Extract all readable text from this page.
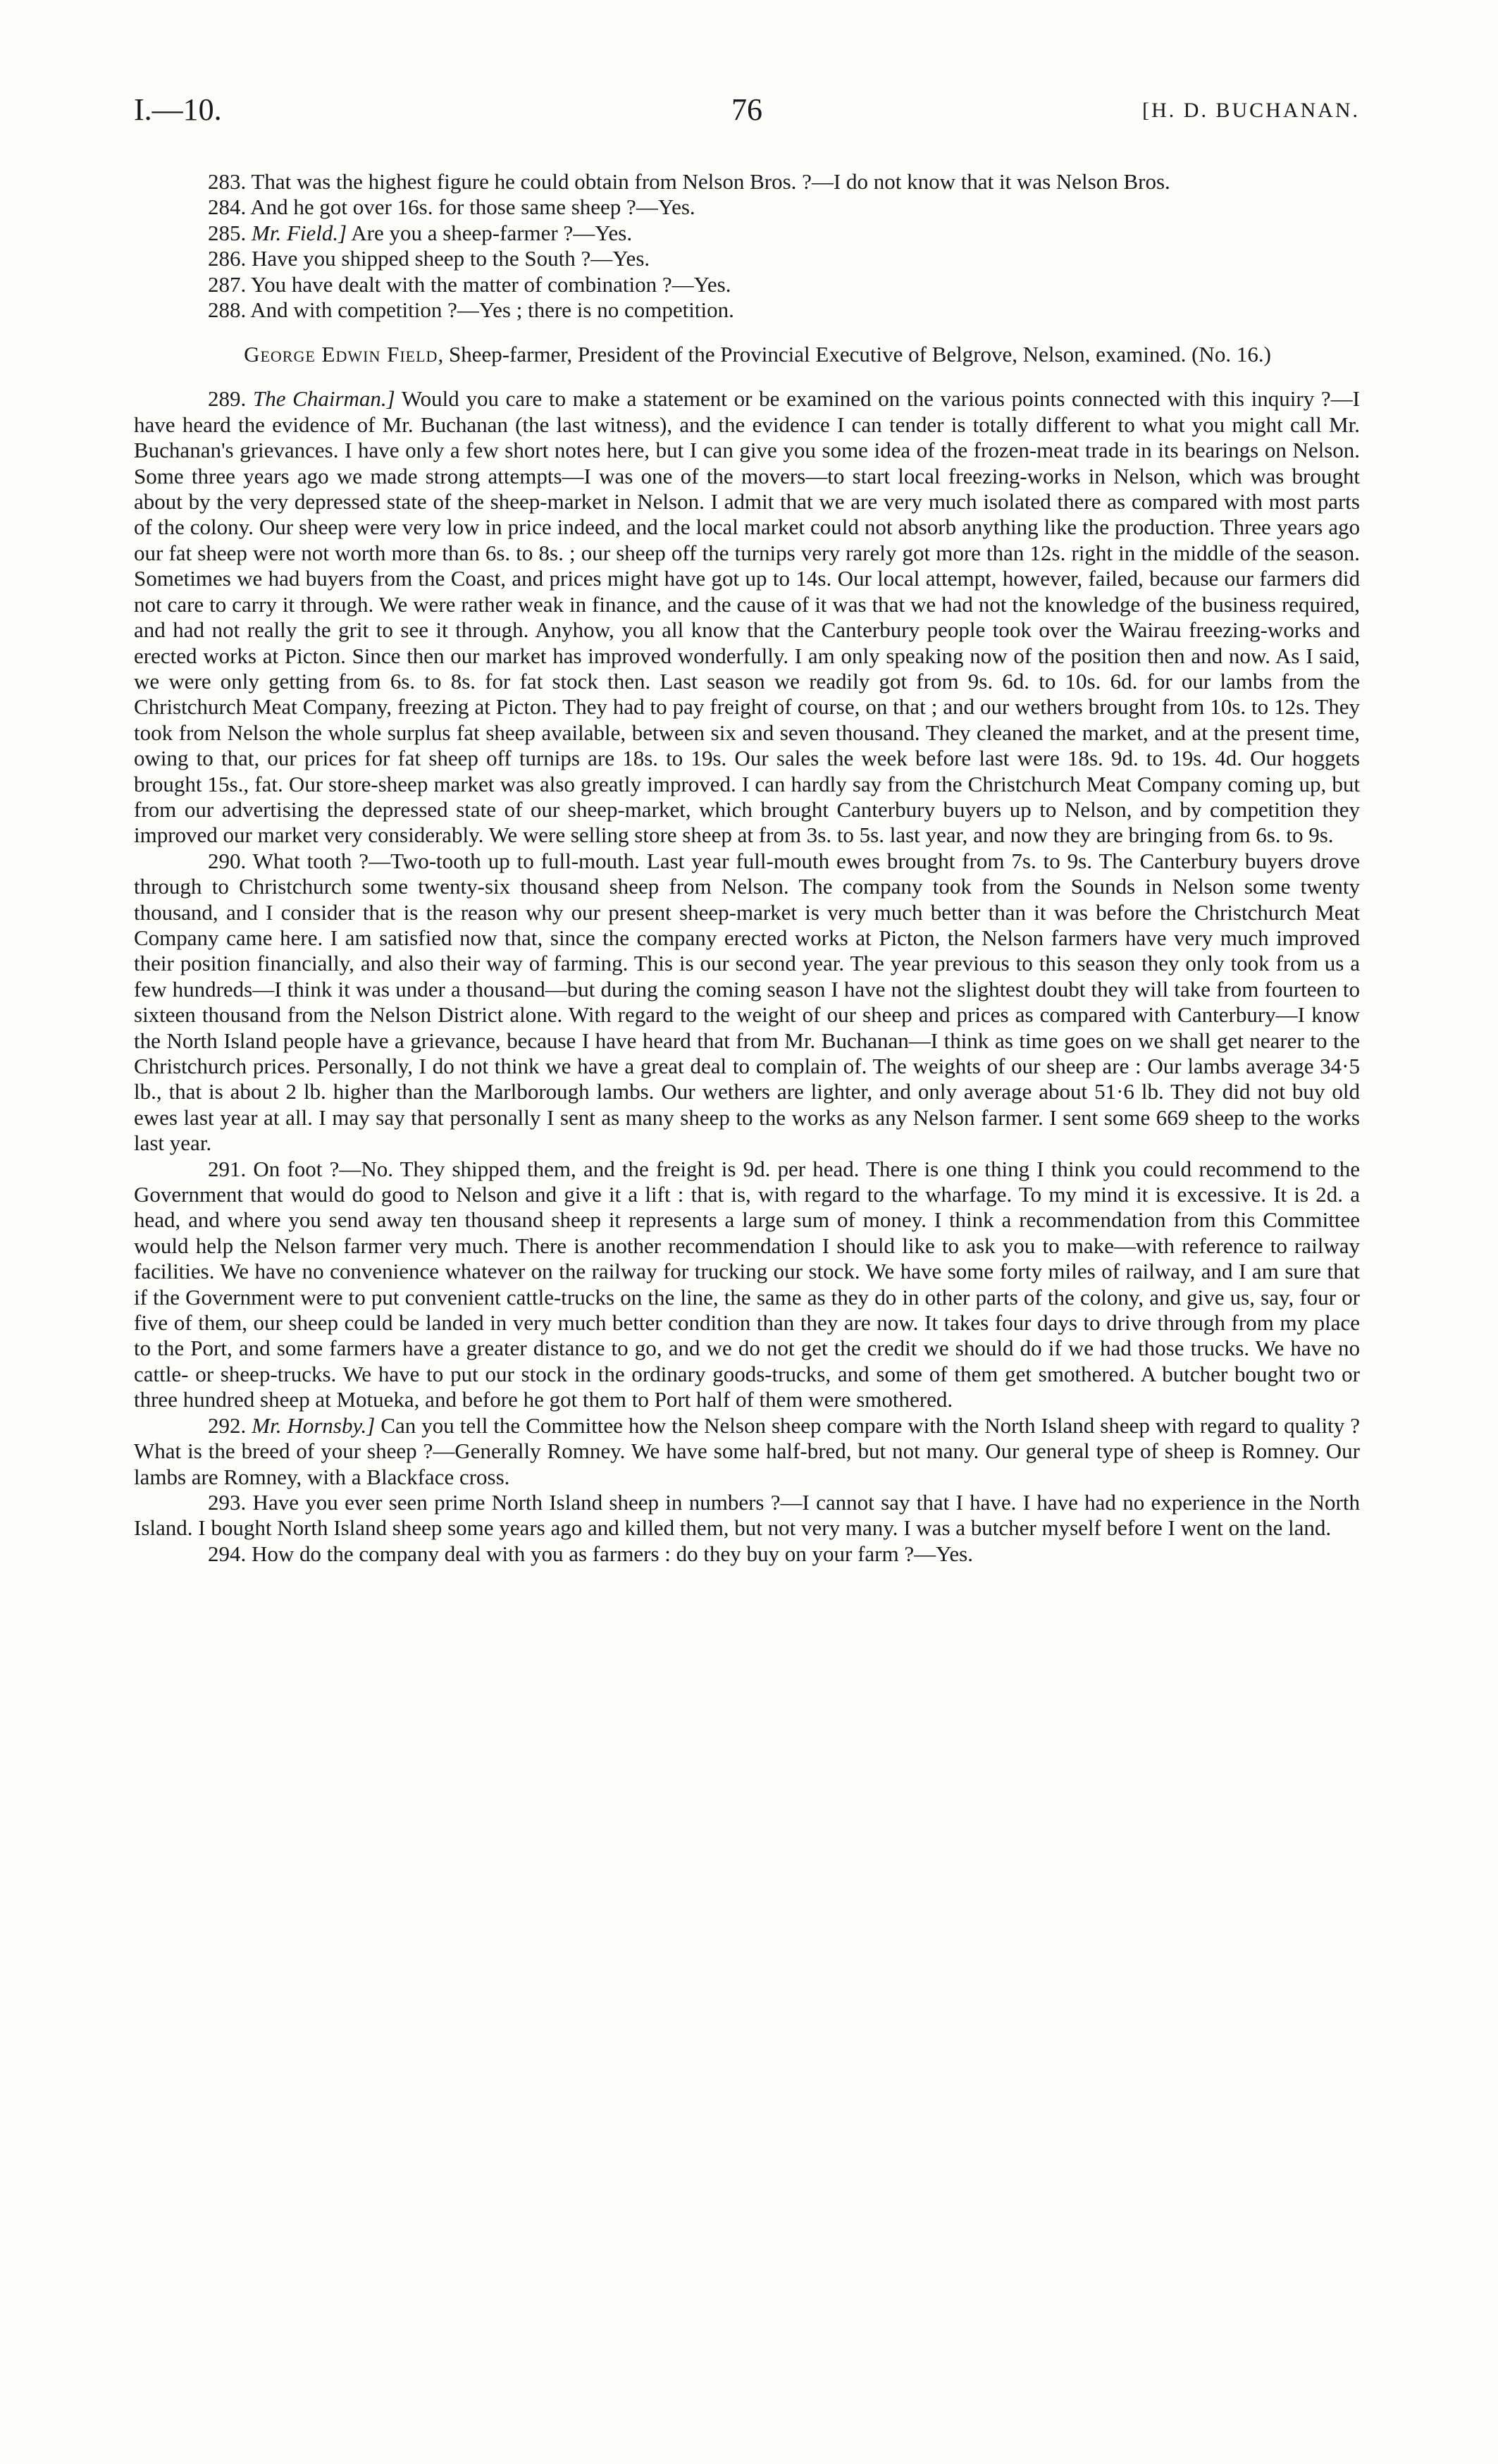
I.—10.	76	[H. D. BUCHANAN.

283. That was the highest figure he could obtain from Nelson Bros. ?—I do not know that it was Nelson Bros.

284. And he got over 16s. for those same sheep ?—Yes.

285. Mr. Field.] Are you a sheep-farmer ?—Yes.

286. Have you shipped sheep to the South ?—Yes.

287. You have dealt with the matter of combination ?—Yes.

288. And with competition ?—Yes ; there is no competition.

George Edwin Field, Sheep-farmer, President of the Provincial Executive of Belgrove, Nelson, examined. (No. 16.)

289. The Chairman.] Would you care to make a statement or be examined on the various points connected with this inquiry ?—I have heard the evidence of Mr. Buchanan (the last witness), and the evidence I can tender is totally different to what you might call Mr. Buchanan's grievances. I have only a few short notes here, but I can give you some idea of the frozen-meat trade in its bearings on Nelson. Some three years ago we made strong attempts—I was one of the movers—to start local freezing-works in Nelson, which was brought about by the very depressed state of the sheep-market in Nelson. I admit that we are very much isolated there as compared with most parts of the colony. Our sheep were very low in price indeed, and the local market could not absorb anything like the production. Three years ago our fat sheep were not worth more than 6s. to 8s. ; our sheep off the turnips very rarely got more than 12s. right in the middle of the season. Sometimes we had buyers from the Coast, and prices might have got up to 14s. Our local attempt, however, failed, because our farmers did not care to carry it through. We were rather weak in finance, and the cause of it was that we had not the knowledge of the business required, and had not really the grit to see it through. Anyhow, you all know that the Canterbury people took over the Wairau freezing-works and erected works at Picton. Since then our market has improved wonderfully. I am only speaking now of the position then and now. As I said, we were only getting from 6s. to 8s. for fat stock then. Last season we readily got from 9s. 6d. to 10s. 6d. for our lambs from the Christchurch Meat Company, freezing at Picton. They had to pay freight of course, on that ; and our wethers brought from 10s. to 12s. They took from Nelson the whole surplus fat sheep available, between six and seven thousand. They cleaned the market, and at the present time, owing to that, our prices for fat sheep off turnips are 18s. to 19s. Our sales the week before last were 18s. 9d. to 19s. 4d. Our hoggets brought 15s., fat. Our store-sheep market was also greatly improved. I can hardly say from the Christchurch Meat Company coming up, but from our advertising the depressed state of our sheep-market, which brought Canterbury buyers up to Nelson, and by competition they improved our market very considerably. We were selling store sheep at from 3s. to 5s. last year, and now they are bringing from 6s. to 9s.

290. What tooth ?—Two-tooth up to full-mouth. Last year full-mouth ewes brought from 7s. to 9s. The Canterbury buyers drove through to Christchurch some twenty-six thousand sheep from Nelson. The company took from the Sounds in Nelson some twenty thousand, and I consider that is the reason why our present sheep-market is very much better than it was before the Christchurch Meat Company came here. I am satisfied now that, since the company erected works at Picton, the Nelson farmers have very much improved their position financially, and also their way of farming. This is our second year. The year previous to this season they only took from us a few hundreds—I think it was under a thousand—but during the coming season I have not the slightest doubt they will take from fourteen to sixteen thousand from the Nelson District alone. With regard to the weight of our sheep and prices as compared with Canterbury—I know the North Island people have a grievance, because I have heard that from Mr. Buchanan—I think as time goes on we shall get nearer to the Christchurch prices. Personally, I do not think we have a great deal to complain of. The weights of our sheep are : Our lambs average 34·5 lb., that is about 2 lb. higher than the Marlborough lambs. Our wethers are lighter, and only average about 51·6 lb. They did not buy old ewes last year at all. I may say that personally I sent as many sheep to the works as any Nelson farmer. I sent some 669 sheep to the works last year.

291. On foot ?—No. They shipped them, and the freight is 9d. per head. There is one thing I think you could recommend to the Government that would do good to Nelson and give it a lift : that is, with regard to the wharfage. To my mind it is excessive. It is 2d. a head, and where you send away ten thousand sheep it represents a large sum of money. I think a recommendation from this Committee would help the Nelson farmer very much. There is another recommendation I should like to ask you to make—with reference to railway facilities. We have no convenience whatever on the railway for trucking our stock. We have some forty miles of railway, and I am sure that if the Government were to put convenient cattle-trucks on the line, the same as they do in other parts of the colony, and give us, say, four or five of them, our sheep could be landed in very much better condition than they are now. It takes four days to drive through from my place to the Port, and some farmers have a greater distance to go, and we do not get the credit we should do if we had those trucks. We have no cattle- or sheep-trucks. We have to put our stock in the ordinary goods-trucks, and some of them get smothered. A butcher bought two or three hundred sheep at Motueka, and before he got them to Port half of them were smothered.

292. Mr. Hornsby.] Can you tell the Committee how the Nelson sheep compare with the North Island sheep with regard to quality ? What is the breed of your sheep ?—Generally Romney. We have some half-bred, but not many. Our general type of sheep is Romney. Our lambs are Romney, with a Blackface cross.

293. Have you ever seen prime North Island sheep in numbers ?—I cannot say that I have. I have had no experience in the North Island. I bought North Island sheep some years ago and killed them, but not very many. I was a butcher myself before I went on the land.

294. How do the company deal with you as farmers : do they buy on your farm ?—Yes.
